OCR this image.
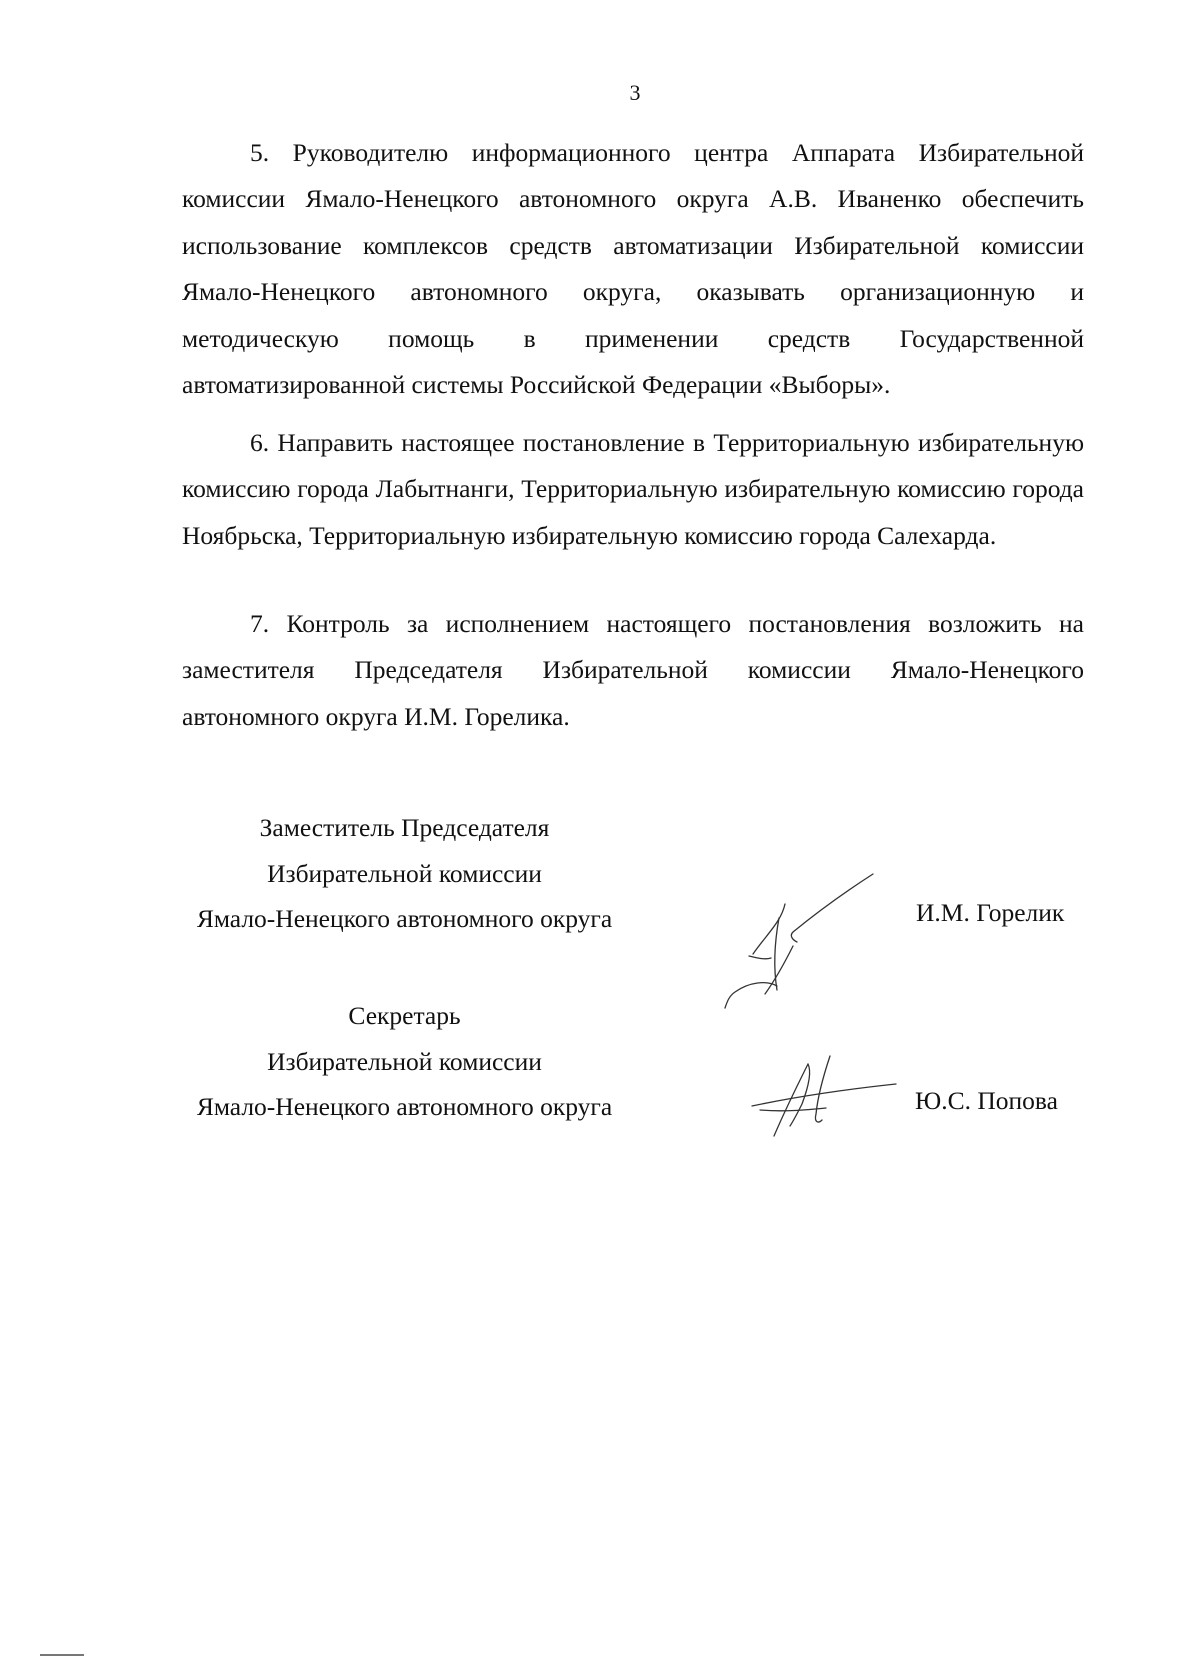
3

5. Руководителю информационного центра Аппарата Избирательной комиссии Ямало-Ненецкого автономного округа А.В. Иваненко обеспечить использование комплексов средств автоматизации Избирательной комиссии Ямало-Ненецкого автономного округа, оказывать организационную и методическую помощь в применении средств Государственной автоматизированной системы Российской Федерации «Выборы».

6. Направить настоящее постановление в Территориальную избирательную комиссию города Лабытнанги, Территориальную избирательную комиссию города Ноябрьска, Территориальную избирательную комиссию города Салехарда.

7. Контроль за исполнением настоящего постановления возложить на заместителя Председателя Избирательной комиссии Ямало-Ненецкого автономного округа И.М. Горелика.

Заместитель Председателя
Избирательной комиссии
Ямало-Ненецкого автономного округа	И.М. Горелик
Секретарь
Избирательной комиссии
Ямало-Ненецкого автономного округа	Ю.С. Попова
